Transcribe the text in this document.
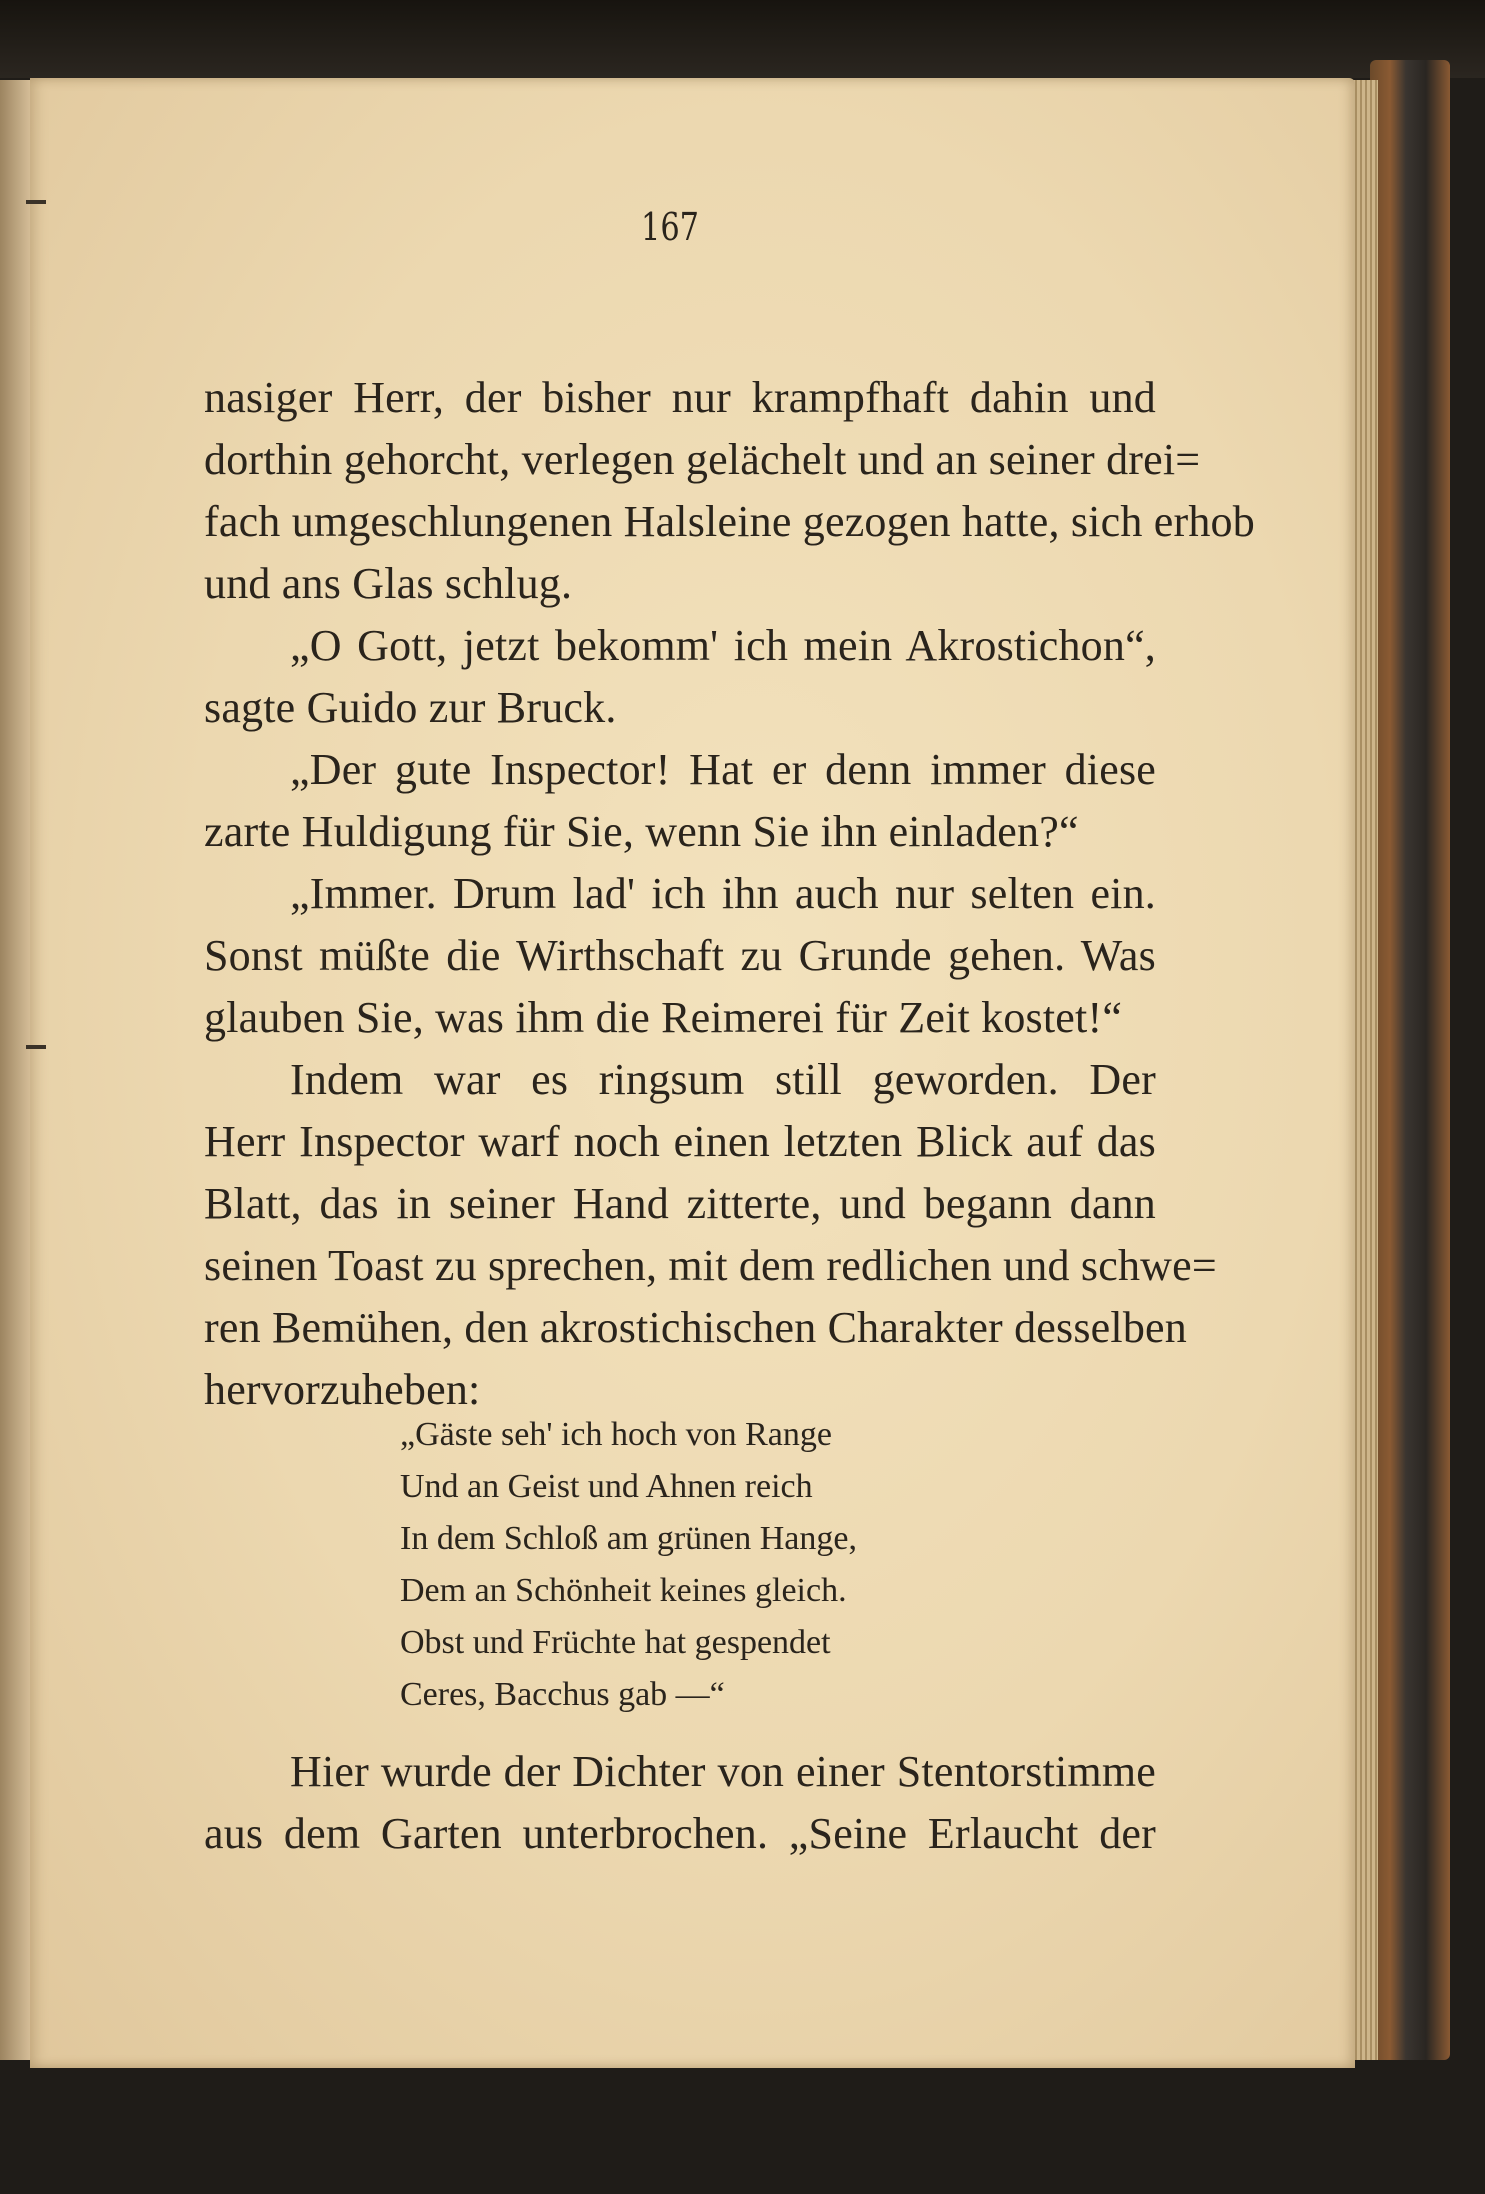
167
nasiger Herr, der bisher nur krampfhaft dahin und
dorthin gehorcht, verlegen gelächelt und an seiner drei=
fach umgeschlungenen Halsleine gezogen hatte, sich erhob
und ans Glas schlug.
„O Gott, jetzt bekomm' ich mein Akrostichon“,
sagte Guido zur Bruck.
„Der gute Inspector! Hat er denn immer diese
zarte Huldigung für Sie, wenn Sie ihn einladen?“
„Immer. Drum lad' ich ihn auch nur selten ein.
Sonst müßte die Wirthschaft zu Grunde gehen. Was
glauben Sie, was ihm die Reimerei für Zeit kostet!“
Indem war es ringsum still geworden. Der
Herr Inspector warf noch einen letzten Blick auf das
Blatt, das in seiner Hand zitterte, und begann dann
seinen Toast zu sprechen, mit dem redlichen und schwe=
ren Bemühen, den akrostichischen Charakter desselben
hervorzuheben:
„Gäste seh' ich hoch von Range
Und an Geist und Ahnen reich
In dem Schloß am grünen Hange,
Dem an Schönheit keines gleich.
Obst und Früchte hat gespendet
Ceres, Bacchus gab —“
Hier wurde der Dichter von einer Stentorstimme
aus dem Garten unterbrochen. „Seine Erlaucht der
